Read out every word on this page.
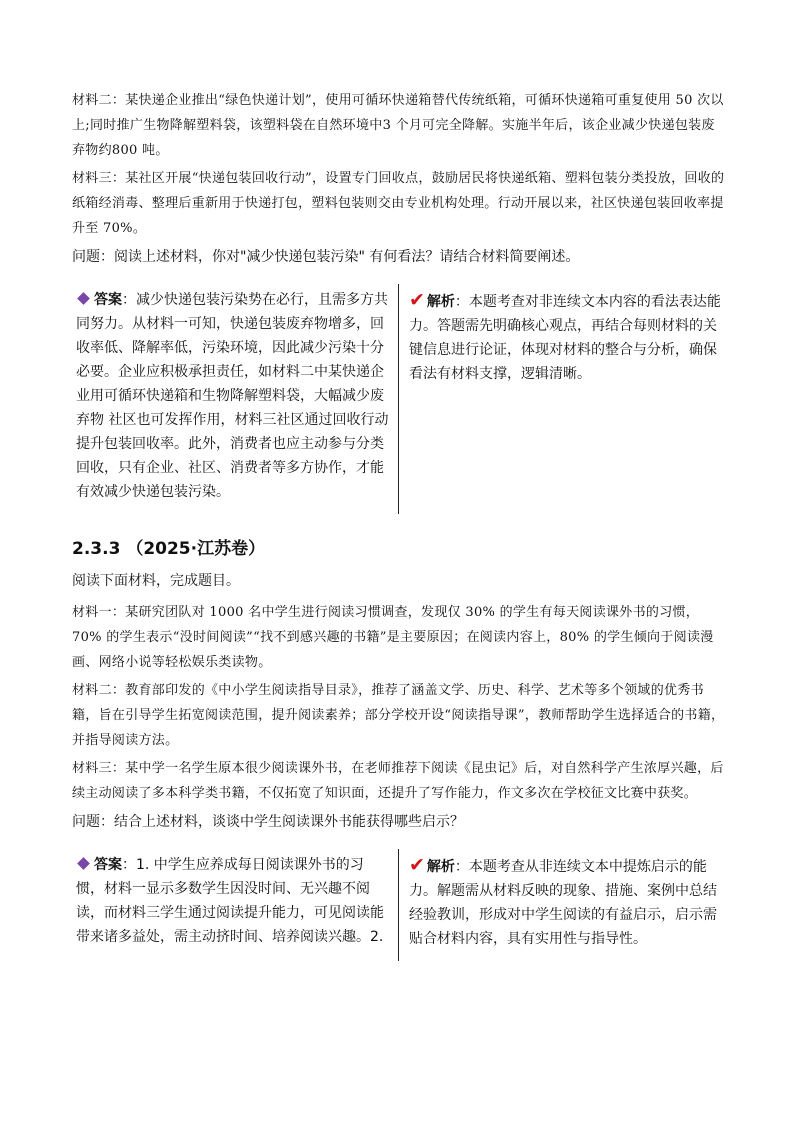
材料二：某快递企业推出“绿色快递计划”，使用可循环快递箱替代传统纸箱，可循环快递箱可重复使用 50 次以上;同时推广生物降解塑料袋，该塑料袋在自然环境中3 个月可完全降解。实施半年后，该企业减少快递包装废弃物约800 吨。

材料三：某社区开展“快递包装回收行动”，设置专门回收点，鼓励居民将快递纸箱、塑料包装分类投放，回收的纸箱经消毒、整理后重新用于快递打包，塑料包装则交由专业机构处理。行动开展以来，社区快递包装回收率提升至 70%。

问题：阅读上述材料，你对"减少快递包装污染" 有何看法？请结合材料简要阐述。

答案：减少快递包装污染势在必行，且需多方共同努力。从材料一可知，快递包装废弃物增多，回收率低、降解率低，污染环境，因此减少污染十分必要。企业应积极承担责任，如材料二中某快递企业用可循环快递箱和生物降解塑料袋，大幅减少废弃物 社区也可发挥作用，材料三社区通过回收行动提升包装回收率。此外，消费者也应主动参与分类回收，只有企业、社区、消费者等多方协作，才能有效减少快递包装污染。
✔ 解析：本题考查对非连续文本内容的看法表达能力。答题需先明确核心观点，再结合每则材料的关键信息进行论证，体现对材料的整合与分析，确保看法有材料支撑，逻辑清晰。
2.3.3 （2025·江苏卷）

阅读下面材料，完成题目。

材料一：某研究团队对 1000 名中学生进行阅读习惯调查，发现仅 30% 的学生有每天阅读课外书的习惯，70% 的学生表示“没时间阅读”“找不到感兴趣的书籍”是主要原因；在阅读内容上，80% 的学生倾向于阅读漫画、网络小说等轻松娱乐类读物。

材料二：教育部印发的《中小学生阅读指导目录》，推荐了涵盖文学、历史、科学、艺术等多个领域的优秀书籍，旨在引导学生拓宽阅读范围，提升阅读素养；部分学校开设“阅读指导课”，教师帮助学生选择适合的书籍，并指导阅读方法。

材料三：某中学一名学生原本很少阅读课外书，在老师推荐下阅读《昆虫记》后，对自然科学产生浓厚兴趣，后续主动阅读了多本科学类书籍，不仅拓宽了知识面，还提升了写作能力，作文多次在学校征文比赛中获奖。

问题：结合上述材料，谈谈中学生阅读课外书能获得哪些启示？

答案：1. 中学生应养成每日阅读课外书的习惯，材料一显示多数学生因没时间、无兴趣不阅读，而材料三学生通过阅读提升能力，可见阅读能带来诸多益处，需主动挤时间、培养阅读兴趣。2.
✔ 解析：本题考查从非连续文本中提炼启示的能力。解题需从材料反映的现象、措施、案例中总结经验教训，形成对中学生阅读的有益启示，启示需贴合材料内容，具有实用性与指导性。
